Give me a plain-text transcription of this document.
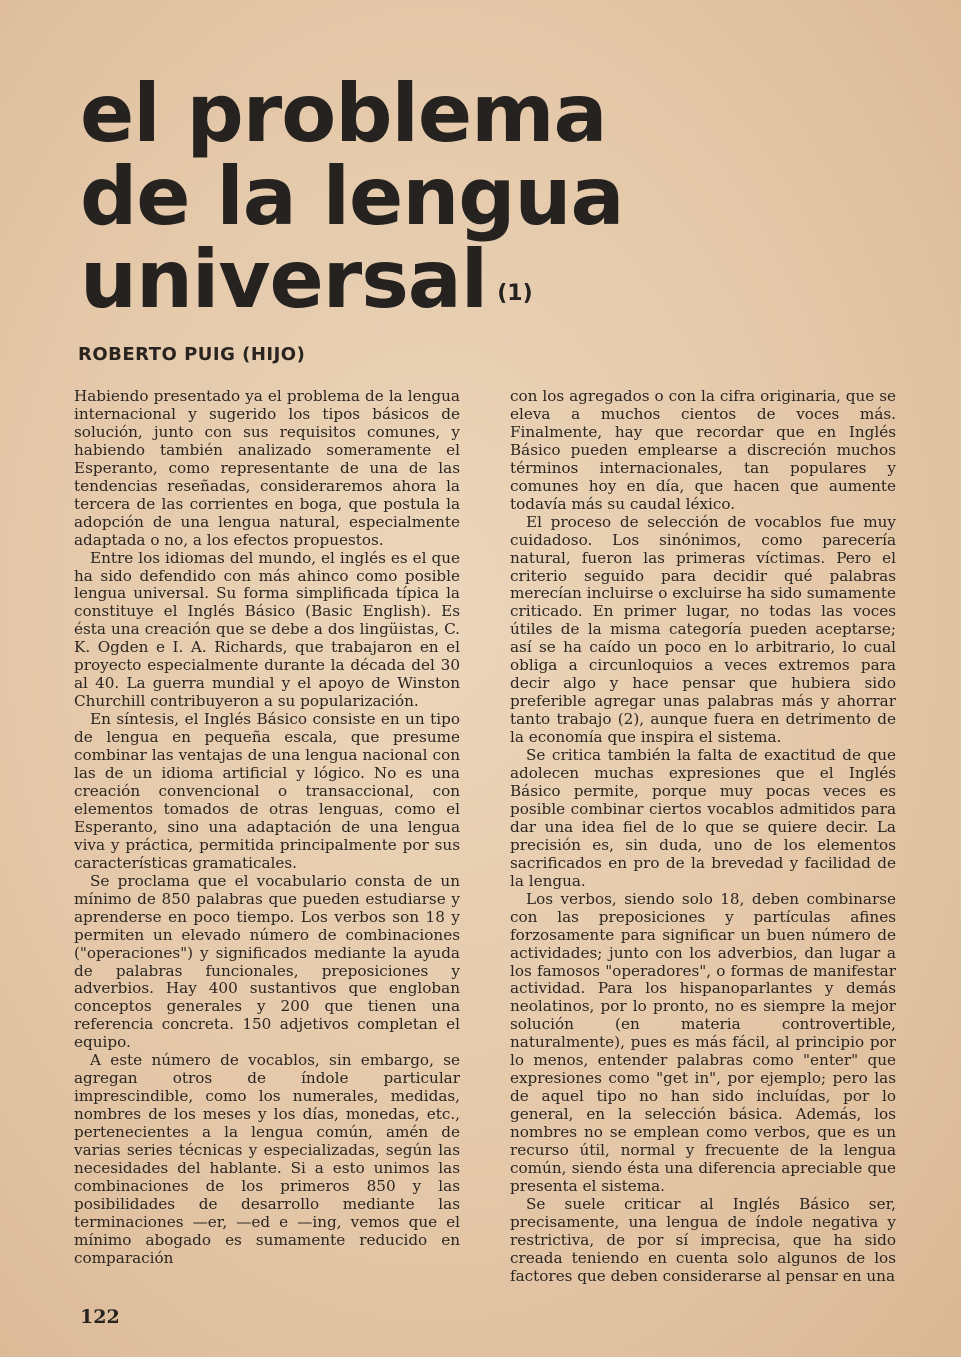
el problema
de la lengua
universal $^{(1)}$
ROBERTO PUIG (HIJO)

Habiendo presentado ya el problema de la lengua internacional y sugerido los tipos básicos de solución, junto con sus requisitos comunes, y habiendo también analizado someramente el Esperanto, como representante de una de las tendencias reseñadas, consideraremos ahora la tercera de las corrientes en boga, que postula la adopción de una lengua natural, especialmente adaptada o no, a los efectos propuestos.

Entre los idiomas del mundo, el inglés es el que ha sido defendido con más ahinco como posible lengua universal. Su forma simplificada típica la constituye el Inglés Básico (Basic English). Es ésta una creación que se debe a dos lingüistas, C. K. Ogden e I. A. Richards, que trabajaron en el proyecto especialmente durante la década del 30 al 40. La guerra mundial y el apoyo de Winston Churchill contribuyeron a su popularización.

En síntesis, el Inglés Básico consiste en un tipo de lengua en pequeña escala, que presume combinar las ventajas de una lengua nacional con las de un idioma artificial y lógico. No es una creación convencional o transaccional, con elementos tomados de otras lenguas, como el Esperanto, sino una adaptación de una lengua viva y práctica, permitida principalmente por sus características gramaticales.

Se proclama que el vocabulario consta de un mínimo de 850 palabras que pueden estudiarse y aprenderse en poco tiempo. Los verbos son 18 y permiten un elevado número de combinaciones ("operaciones") y significados mediante la ayuda de palabras funcionales, preposiciones y adverbios. Hay 400 sustantivos que engloban conceptos generales y 200 que tienen una referencia concreta. 150 adjetivos completan el equipo.

A este número de vocablos, sin embargo, se agregan otros de índole particular imprescindible, como los numerales, medidas, nombres de los meses y los días, monedas, etc., pertenecientes a la lengua común, amén de varias series técnicas y especializadas, según las necesidades del hablante. Si a esto unimos las combinaciones de los primeros 850 y las posibilidades de desarrollo mediante las terminaciones —er, —ed e —ing, vemos que el mínimo abogado es sumamente reducido en comparación

con los agregados o con la cifra originaria, que se eleva a muchos cientos de voces más. Finalmente, hay que recordar que en Inglés Básico pueden emplearse a discreción muchos términos internacionales, tan populares y comunes hoy en día, que hacen que aumente todavía más su caudal léxico.

El proceso de selección de vocablos fue muy cuidadoso. Los sinónimos, como parecería natural, fueron las primeras víctimas. Pero el criterio seguido para decidir qué palabras merecían incluirse o excluirse ha sido sumamente criticado. En primer lugar, no todas las voces útiles de la misma categoría pueden aceptarse; así se ha caído un poco en lo arbitrario, lo cual obliga a circunloquios a veces extremos para decir algo y hace pensar que hubiera sido preferible agregar unas palabras más y ahorrar tanto trabajo (2), aunque fuera en detrimento de la economía que inspira el sistema.

Se critica también la falta de exactitud de que adolecen muchas expresiones que el Inglés Básico permite, porque muy pocas veces es posible combinar ciertos vocablos admitidos para dar una idea fiel de lo que se quiere decir. La precisión es, sin duda, uno de los elementos sacrificados en pro de la brevedad y facilidad de la lengua.

Los verbos, siendo solo 18, deben combinarse con las preposiciones y partículas afines forzosamente para significar un buen número de actividades; junto con los adverbios, dan lugar a los famosos "operadores", o formas de manifestar actividad. Para los hispanoparlantes y demás neolatinos, por lo pronto, no es siempre la mejor solución (en materia controvertible, naturalmente), pues es más fácil, al principio por lo menos, entender palabras como "enter" que expresiones como "get in", por ejemplo; pero las de aquel tipo no han sido incluídas, por lo general, en la selección básica. Además, los nombres no se emplean como verbos, que es un recurso útil, normal y frecuente de la lengua común, siendo ésta una diferencia apreciable que presenta el sistema.

Se suele criticar al Inglés Básico ser, precisamente, una lengua de índole negativa y restrictiva, de por sí imprecisa, que ha sido creada teniendo en cuenta solo algunos de los factores que deben considerarse al pensar en una

122
